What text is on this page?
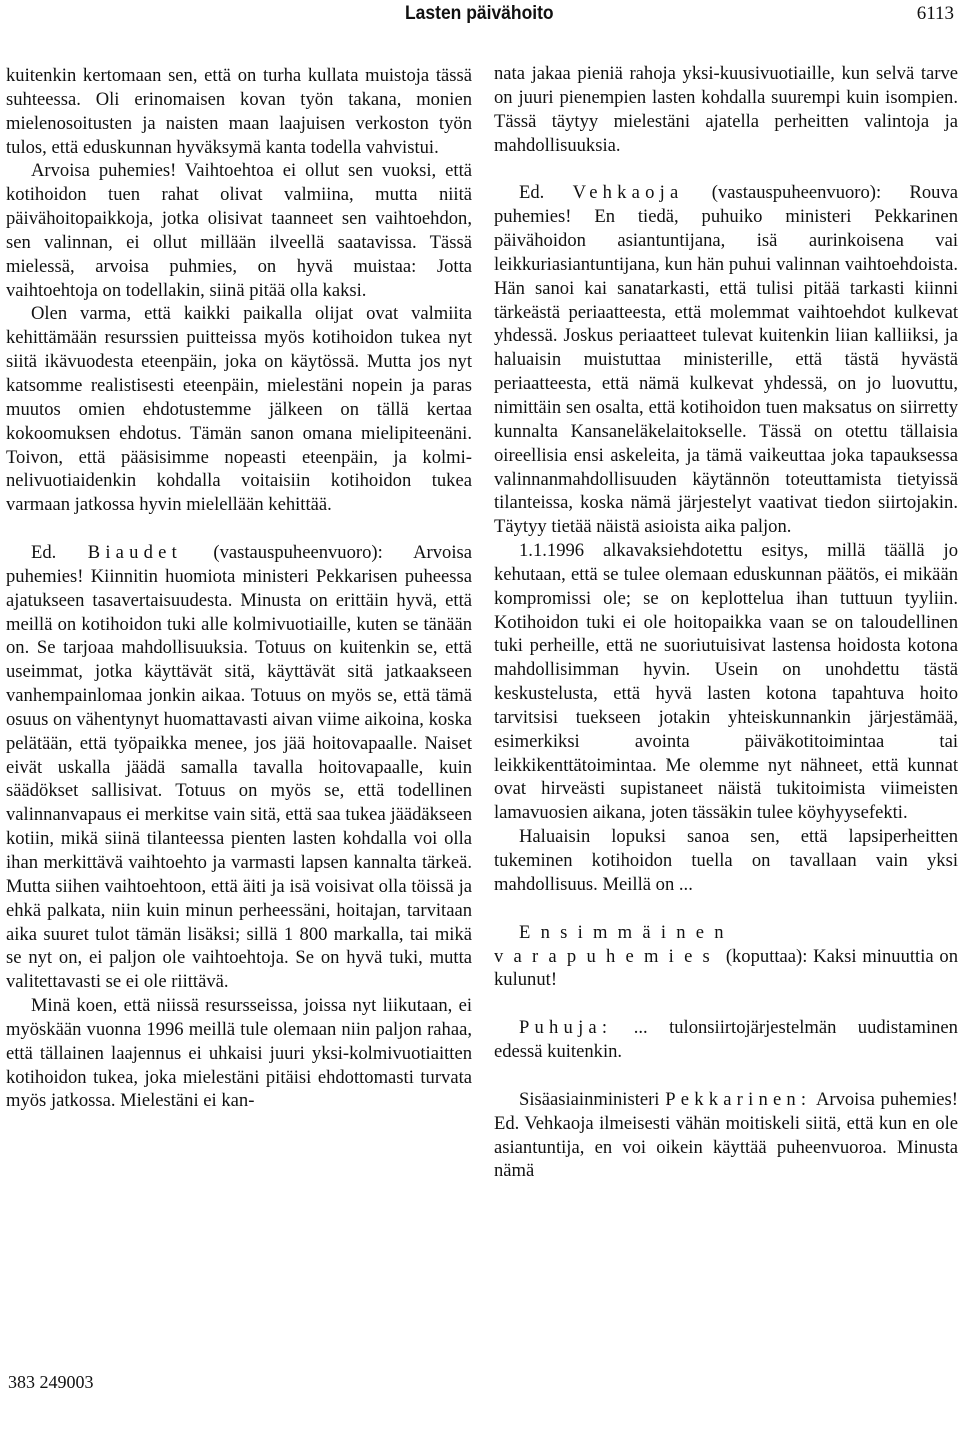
Lasten päivähoito	6113

kuitenkin kertomaan sen, että on turha kullata muistoja tässä suhteessa. Oli erinomaisen kovan työn takana, monien mielenosoitusten ja naisten maan laajuisen verkoston työn tulos, että eduskunnan hyväksymä kanta todella vahvistui.

Arvoisa puhemies! Vaihtoehtoa ei ollut sen vuoksi, että kotihoidon tuen rahat olivat valmiina, mutta niitä päivähoitopaikkoja, jotka olisivat taanneet sen vaihtoehdon, sen valinnan, ei ollut millään ilveellä saatavissa. Tässä mielessä, arvoisa puhmies, on hyvä muistaa: Jotta vaihtoehtoja on todellakin, siinä pitää olla kaksi.

Olen varma, että kaikki paikalla olijat ovat valmiita kehittämään resurssien puitteissa myös kotihoidon tukea nyt siitä ikävuodesta eteenpäin, joka on käytössä. Mutta jos nyt katsomme realistisesti eteenpäin, mielestäni nopein ja paras muutos omien ehdotustemme jälkeen on tällä kertaa kokoomuksen ehdotus. Tämän sanon omana mielipiteenäni. Toivon, että pääsisimme nopeasti eteenpäin, ja kolmi-nelivuotiaidenkin kohdalla voitaisiin kotihoidon tukea varmaan jatkossa hyvin mielellään kehittää.

Ed. Biaudet (vastauspuheenvuoro): Arvoisa puhemies! Kiinnitin huomiota ministeri Pekkarisen puheessa ajatukseen tasavertaisuudesta. Minusta on erittäin hyvä, että meillä on kotihoidon tuki alle kolmivuotiaille, kuten se tänään on. Se tarjoaa mahdollisuuksia. Totuus on kuitenkin se, että useimmat, jotka käyttävät sitä, käyttävät sitä jatkaakseen vanhempainlomaa jonkin aikaa. Totuus on myös se, että tämä osuus on vähentynyt huomattavasti aivan viime aikoina, koska pelätään, että työpaikka menee, jos jää hoitovapaalle. Naiset eivät uskalla jäädä samalla tavalla hoitovapaalle, kuin säädökset sallisivat. Totuus on myös se, että todellinen valinnanvapaus ei merkitse vain sitä, että saa tukea jäädäkseen kotiin, mikä siinä tilanteessa pienten lasten kohdalla voi olla ihan merkittävä vaihtoehto ja varmasti lapsen kannalta tärkeä. Mutta siihen vaihtoehtoon, että äiti ja isä voisivat olla töissä ja ehkä palkata, niin kuin minun perheessäni, hoitajan, tarvitaan aika suuret tulot tämän lisäksi; sillä 1 800 markalla, tai mikä se nyt on, ei paljon ole vaihtoehtoja. Se on hyvä tuki, mutta valitettavasti se ei ole riittävä.

Minä koen, että niissä resursseissa, joissa nyt liikutaan, ei myöskään vuonna 1996 meillä tule olemaan niin paljon rahaa, että tällainen laajennus ei uhkaisi juuri yksi-kolmivuotiaitten kotihoidon tukea, joka mielestäni pitäisi ehdottomasti turvata myös jatkossa. Mielestäni ei kan-

nata jakaa pieniä rahoja yksi-kuusivuotiaille, kun selvä tarve on juuri pienempien lasten kohdalla suurempi kuin isompien. Tässä täytyy mielestäni ajatella perheitten valintoja ja mahdollisuuksia.

Ed. Vehkaoja (vastauspuheenvuoro): Rouva puhemies! En tiedä, puhuiko ministeri Pekkarinen päivähoidon asiantuntijana, isä aurinkoisena vai leikkuriasiantuntijana, kun hän puhui valinnan vaihtoehdoista. Hän sanoi kai sanatarkasti, että tulisi pitää tarkasti kiinni tärkeästä periaatteesta, että molemmat vaihtoehdot kulkevat yhdessä. Joskus periaatteet tulevat kuitenkin liian kalliiksi, ja haluaisin muistuttaa ministerille, että tästä hyvästä periaatteesta, että nämä kulkevat yhdessä, on jo luovuttu, nimittäin sen osalta, että kotihoidon tuen maksatus on siirretty kunnalta Kansaneläkelaitokselle. Tässä on otettu tällaisia oireellisia ensi askeleita, ja tämä vaikeuttaa joka tapauksessa valinnanmahdollisuuden käytännön toteuttamista tietyissä tilanteissa, koska nämä järjestelyt vaativat tiedon siirtojakin. Täytyy tietää näistä asioista aika paljon.

1.1.1996 alkavaksiehdotettu esitys, millä täällä jo kehutaan, että se tulee olemaan eduskunnan päätös, ei mikään kompromissi ole; se on keplottelua ihan tuttuun tyyliin. Kotihoidon tuki ei ole hoitopaikka vaan se on taloudellinen tuki perheille, että ne suoriutuisivat lastensa hoidosta kotona mahdollisimman hyvin. Usein on unohdettu tästä keskustelusta, että hyvä lasten kotona tapahtuva hoito tarvitsisi tuekseen jotakin yhteiskunnankin järjestämää, esimerkiksi avointa päiväkotitoimintaa tai leikkikenttätoimintaa. Me olemme nyt nähneet, että kunnat ovat hirveästi supistaneet näistä tukitoimista viimeisten lamavuosien aikana, joten tässäkin tulee köyhyysefekti.

Haluaisin lopuksi sanoa sen, että lapsiperheitten tukeminen kotihoidon tuella on tavallaan vain yksi mahdollisuus. Meillä on ...

Ensimmäinen varapuhemies (koputtaa): Kaksi minuuttia on kulunut!

Puhuja: ... tulonsiirtojärjestelmän uudistaminen edessä kuitenkin.

Sisäasiainministeri Pekkarinen: Arvoisa puhemies! Ed. Vehkaoja ilmeisesti vähän moitiskeli siitä, että kun en ole asiantuntija, en voi oikein käyttää puheenvuoroa. Minusta nämä

383 249003
